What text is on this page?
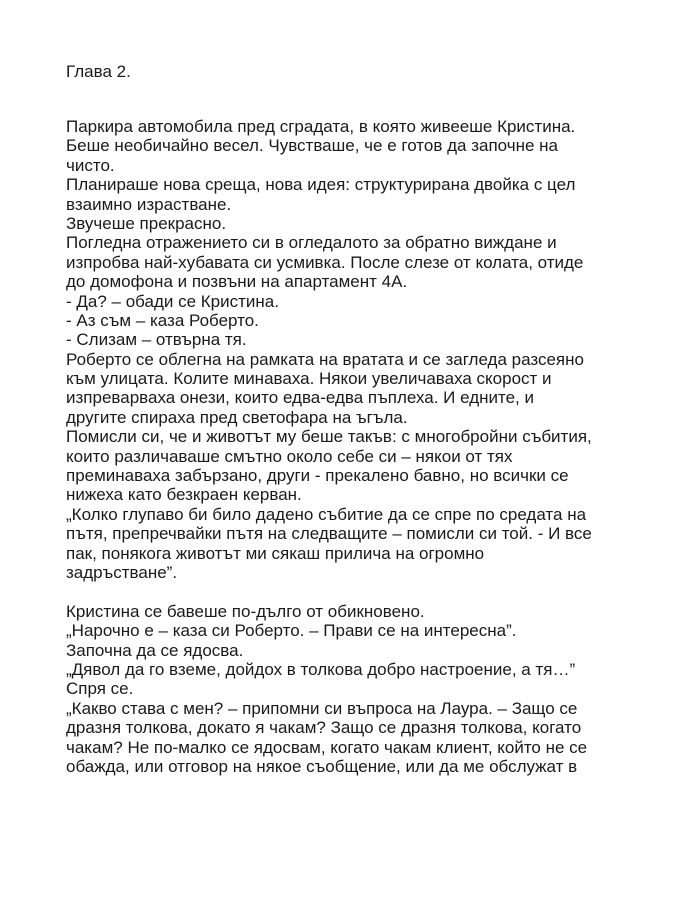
Глава 2.
Паркира автомобила пред сградата, в която живееше Кристина.
Беше необичайно весел. Чувстваше, че е готов да започне на
чисто.
Планираше нова среща, нова идея: структурирана двойка с цел
взаимно израстване.
Звучеше прекрасно.
Погледна отражението си в огледалото за обратно виждане и
изпробва най-хубавата си усмивка. После слезе от колата, отиде
до домофона и позвъни на апартамент 4А.
- Да? – обади се Кристина.
- Аз съм – каза Роберто.
- Слизам – отвърна тя.
Роберто се облегна на рамката на вратата и се загледа разсеяно
към улицата. Колите минаваха. Някои увеличаваха скорост и
изпреварваха онези, които едва-едва пъплеха. И едните, и
другите спираха пред светофара на ъгъла.
Помисли си, че и животът му беше такъв: с многобройни събития,
които различаваше смътно около себе си – някои от тях
преминаваха забързано, други - прекалено бавно, но всички се
нижеха като безкраен керван.
„Колко глупаво би било дадено събитие да се спре по средата на
пътя, препречвайки пътя на следващите – помисли си той. - И все
пак, понякога животът ми сякаш прилича на огромно
задръстване”.
Кристина се бавеше по-дълго от обикновено.
„Нарочно е – каза си Роберто. – Прави се на интересна”.
Започна да се ядосва.
„Дявол да го вземе, дойдох в толкова добро настроение, а тя…”
Спря се.
„Какво става с мен? – припомни си въпроса на Лаура. – Защо се
дразня толкова, докато я чакам? Защо се дразня толкова, когато
чакам? Не по-малко се ядосвам, когато чакам клиент, който не се
обажда, или отговор на някое съобщение, или да ме обслужат в
